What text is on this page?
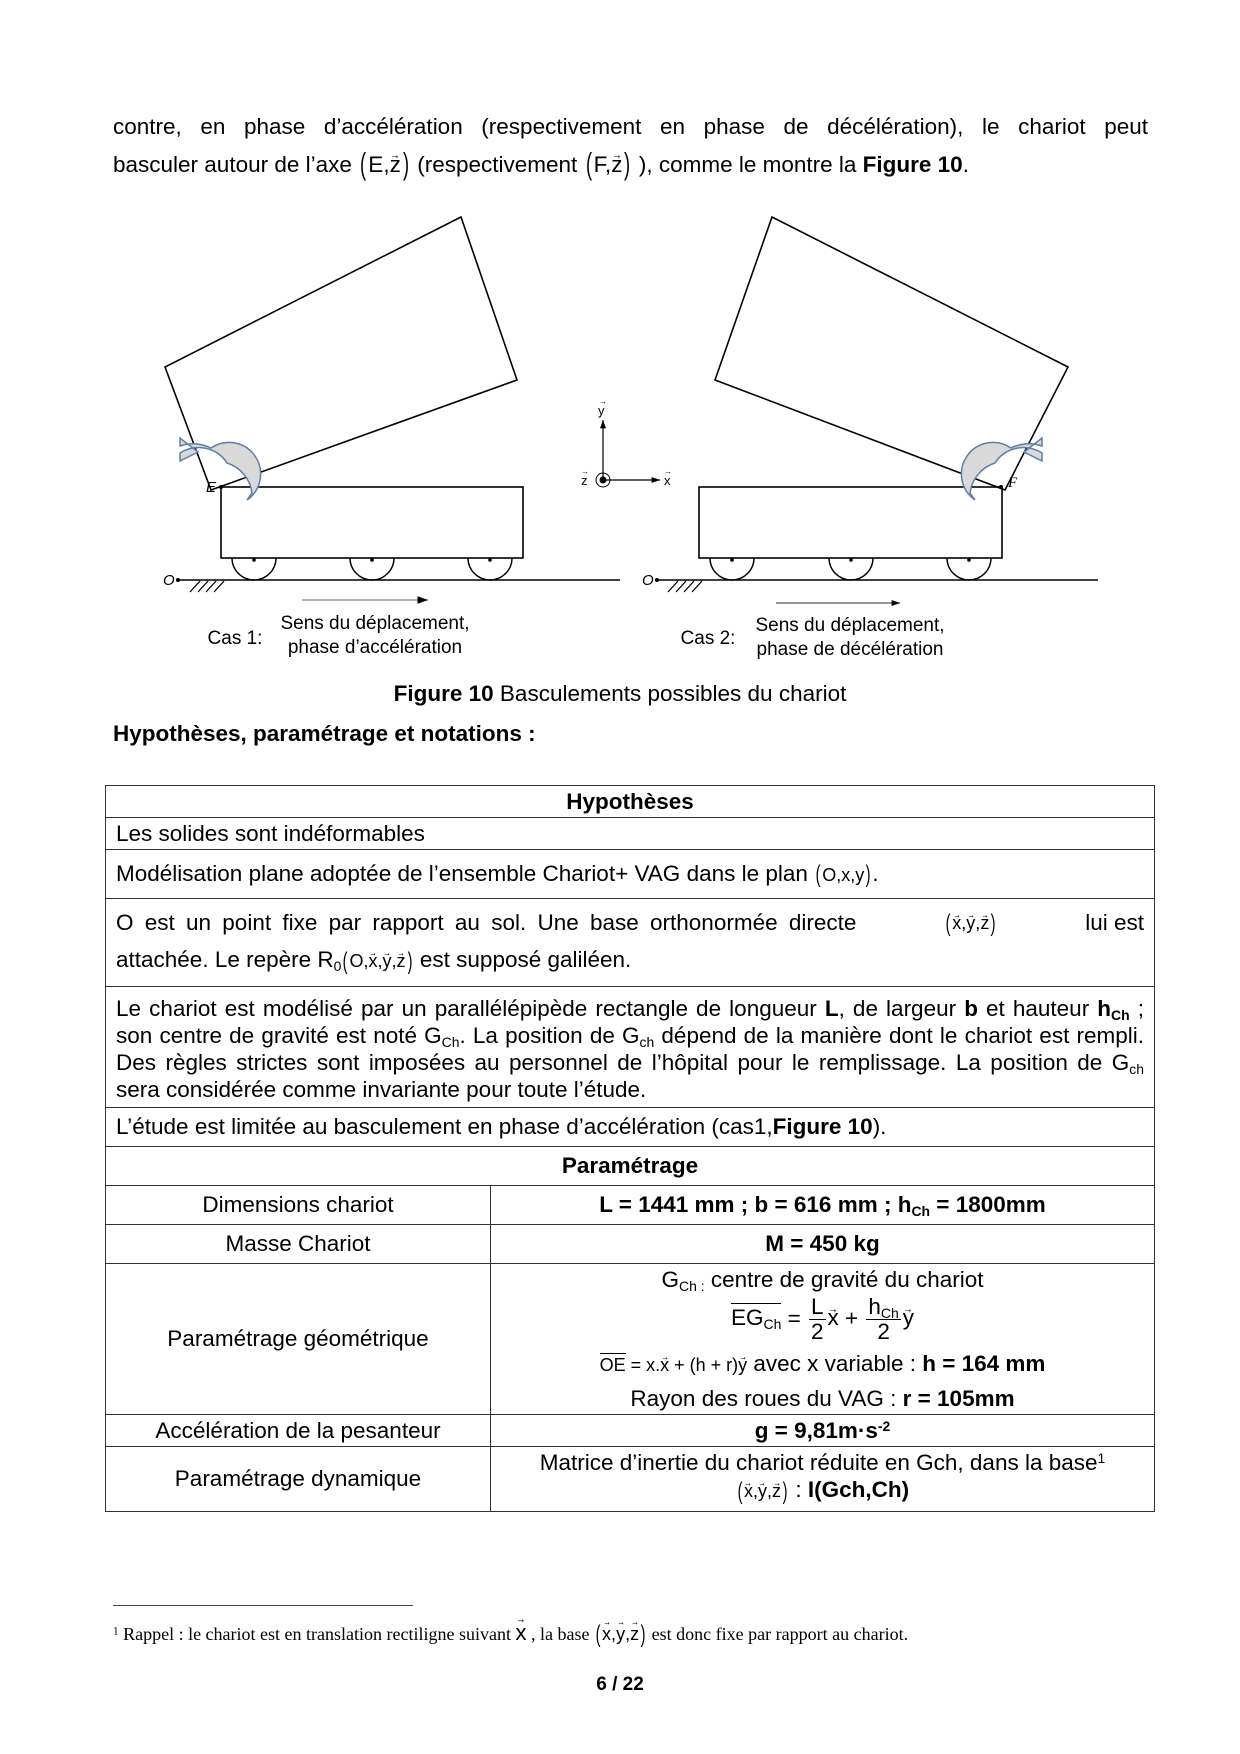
contre, en phase d’accélération (respectivement en phase de décélération), le chariot peut
basculer autour de l’axe (E,→ z) (respectivement (F,→ z) ), comme le montre la Figure 10.
O
E
y
x
z
→
→
→
O
F
Cas 1:
Sens du déplacement,
phase d’accélération	Cas 2:
Sens du déplacement,
phase de décélération
Figure 10 Basculements possibles du chariot
Hypothèses, paramétrage et notations :
Hypothèses	
Les solides sont indéformables	
Modélisation plane adoptée de l’ensemble Chariot+ VAG dans le plan (O,x,y).	

O est un point fixe par rapport au sol. Une base orthonormée directe (→ x,→ y,→ z) lui est
attachée. Le repère $R_0(O,\to x,\to y,\to z)$ est supposé galiléen.

Le chariot est modélisé par un parallélépipède rectangle de longueur L, de largeur b et hauteur $h_{Ch}$ ; son centre de gravité est noté $G_{Ch}$. La position de $G_{ch}$ dépend de la manière dont le chariot est rempli. Des règles strictes sont imposées au personnel de l’hôpital pour le remplissage. La position de $G_{ch}$ sera considérée comme invariante pour toute l’étude.	
L’étude est limitée au basculement en phase d’accélération (cas1,Figure 10).	
Paramétrage	
Dimensions chariot	L = 1441 mm ; b = 616 mm ; $h_{Ch} = 1800mm$
Masse Chariot	M = 450 kg
Paramétrage géométrique	
$G_{Ch :}$ centre de gravité du chariot
$EG_{Ch} = \frac{L}{2} \to x + \frac{h_{Ch}}{2} \to y$
OE = x.→ x + (h + r)→ y avec x variable : h = 164 mm
Rayon des roues du VAG : r = 105mm

Accélération de la pesanteur	$g = 9,81m\cdot s^{-2}$
Paramétrage dynamique	Matrice d’inertie du chariot réduite en Gch, dans la base$^1$
(→ x,→ y,→ z) : I(Gch,Ch)
$^1$ Rappel : le chariot est en translation rectiligne suivant → x , la base (→ x,→ y,→ z) est donc fixe par rapport au chariot.
6 / 22
